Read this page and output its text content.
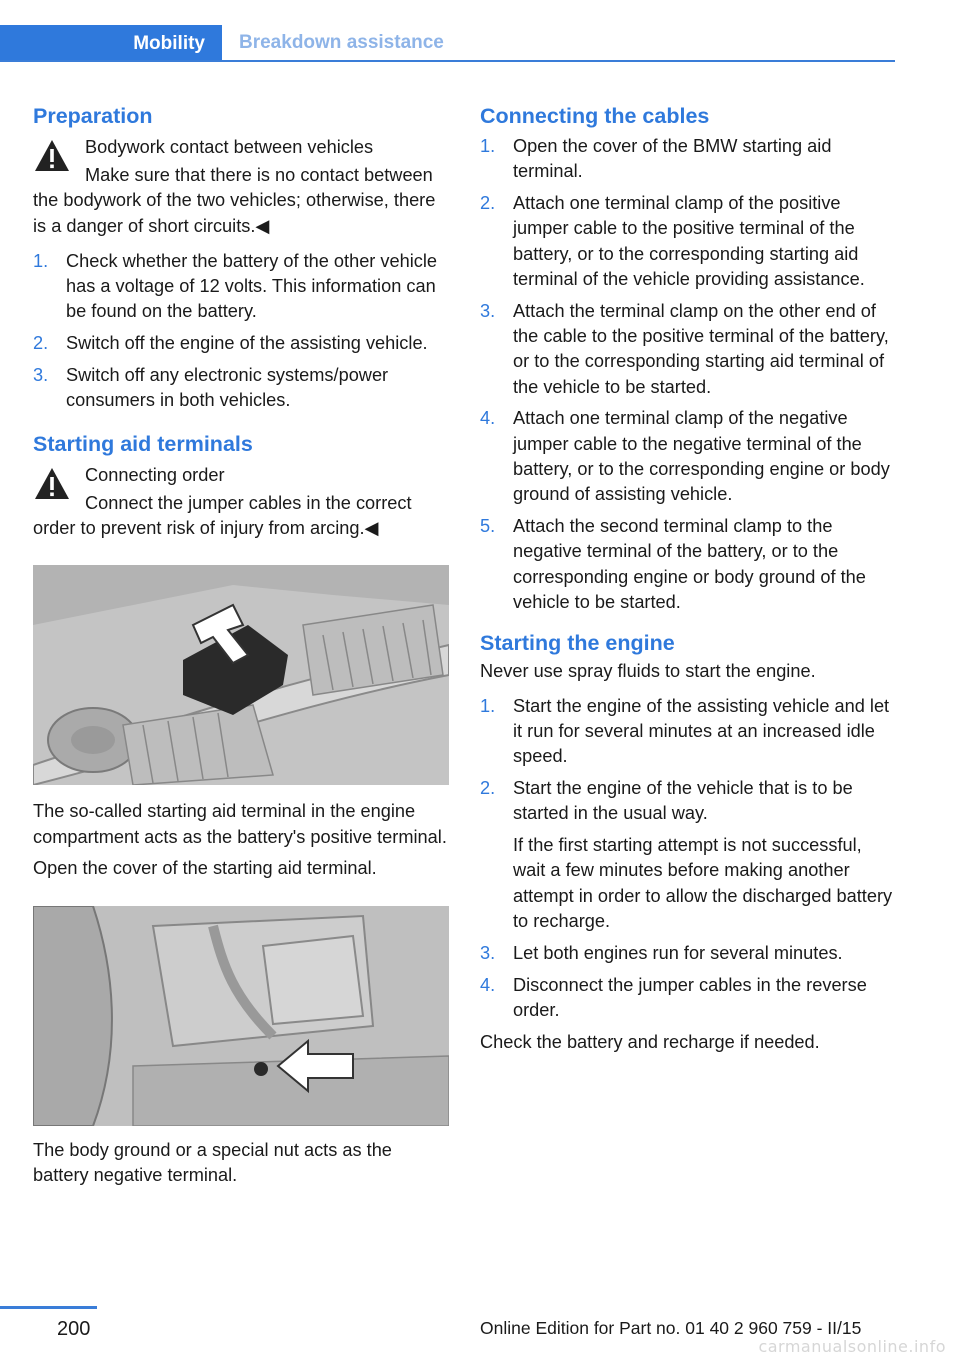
Mobility	Breakdown assistance
Preparation
Bodywork contact between vehicles
Make sure that there is no contact between the bodywork of the two vehicles; otherwise, there is a danger of short circuits.◀
1. Check whether the battery of the other vehicle has a voltage of 12 volts. This information can be found on the battery.
2. Switch off the engine of the assisting vehicle.
3. Switch off any electronic systems/power consumers in both vehicles.
Starting aid terminals
Connecting order
Connect the jumper cables in the correct order to prevent risk of injury from arcing.◀

The so-called starting aid terminal in the engine compartment acts as the battery's positive terminal.

Open the cover of the starting aid terminal.

The body ground or a special nut acts as the battery negative terminal.

Connecting the cables
1. Open the cover of the BMW starting aid terminal.
2. Attach one terminal clamp of the positive jumper cable to the positive terminal of the battery, or to the corresponding starting aid terminal of the vehicle providing assistance.
3. Attach the terminal clamp on the other end of the cable to the positive terminal of the battery, or to the corresponding starting aid terminal of the vehicle to be started.
4. Attach one terminal clamp of the negative jumper cable to the negative terminal of the battery, or to the corresponding engine or body ground of assisting vehicle.
5. Attach the second terminal clamp to the negative terminal of the battery, or to the corresponding engine or body ground of the vehicle to be started.
Starting the engine

Never use spray fluids to start the engine.

1. Start the engine of the assisting vehicle and let it run for several minutes at an increased idle speed.
2. Start the engine of the vehicle that is to be started in the usual way.
If the first starting attempt is not successful, wait a few minutes before making another attempt in order to allow the discharged battery to recharge.
3. Let both engines run for several minutes.
4. Disconnect the jumper cables in the reverse order.

Check the battery and recharge if needed.

200	Online Edition for Part no. 01 40 2 960 759 - II/15
carmanualsonline.info
